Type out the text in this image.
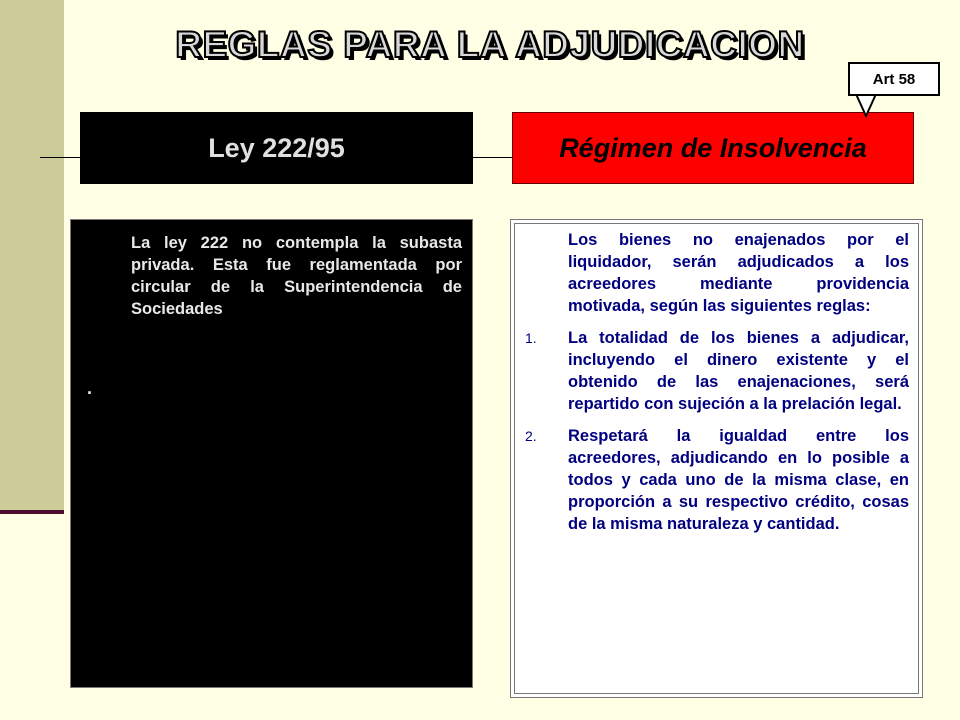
REGLAS PARA LA ADJUDICACION
Ley 222/95	Régimen de Insolvencia
Art 58

La ley 222 no contempla la subasta privada. Esta fue reglamentada por circular de la Superintendencia de Sociedades

.

Los bienes no enajenados por el liquidador, serán adjudicados a los acreedores mediante providencia motivada, según las siguientes reglas:

1.	La totalidad de los bienes a adjudicar, incluyendo el dinero existente y el obtenido de las enajenaciones, será repartido con sujeción a la prelación legal.
2.	Respetará la igualdad entre los acreedores, adjudicando en lo posible a todos y cada uno de la misma clase, en proporción a su respectivo crédito, cosas de la misma naturaleza y cantidad.
